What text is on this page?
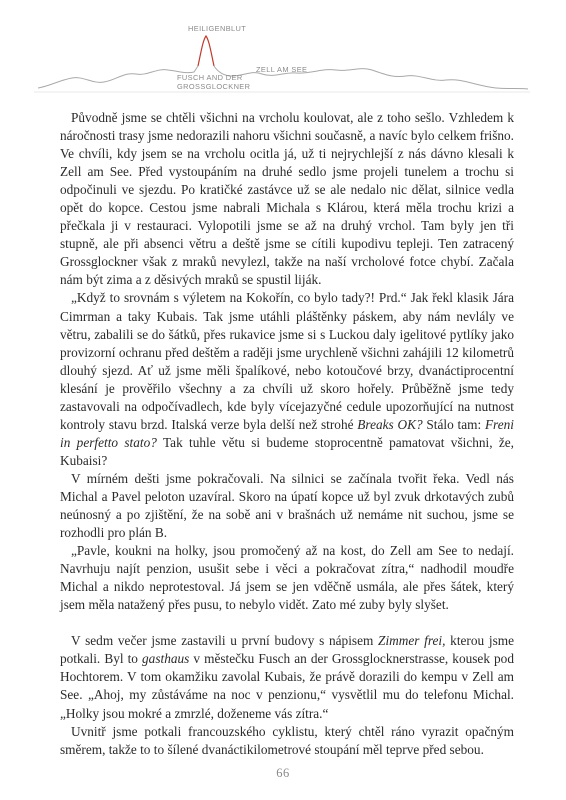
HEILIGENBLUT
FUSCH AND DER
GROSSGLOCKNER
ZELL AM SEE

Původně jsme se chtěli všichni na vrcholu koulovat, ale z toho sešlo. Vzhledem k náročnosti trasy jsme nedorazili nahoru všichni současně, a navíc bylo celkem frišno. Ve chvíli, kdy jsem se na vrcholu ocitla já, už ti nejrychlejší z nás dávno klesali k Zell am See. Před vystoupáním na druhé sedlo jsme projeli tunelem a trochu si odpočinuli ve sjezdu. Po kratičké zastávce už se ale nedalo nic dělat, silnice vedla opět do kopce. Cestou jsme nabrali Michala s Klárou, která měla trochu krizi a přečkala ji v restauraci. Vylopotili jsme se až na druhý vrchol. Tam byly jen tři stupně, ale při absenci větru a deště jsme se cítili kupodivu tepleji. Ten zatracený Grossglockner však z mraků nevylezl, takže na naší vrcholové fotce chybí. Začala nám být zima a z děsivých mraků se spustil liják.

„Když to srovnám s výletem na Kokořín, co bylo tady?! Prd.“ Jak řekl klasik Jára Cimrman a taky Kubais. Tak jsme utáhli pláštěnky páskem, aby nám nevlály ve větru, zabalili se do šátků, přes rukavice jsme si s Luckou daly igelitové pytlíky jako provizorní ochranu před deštěm a raději jsme urychleně všichni zahájili 12 kilometrů dlouhý sjezd. Ať už jsme měli špalíkové, nebo kotoučové brzy, dvanáctiprocentní klesání je prověřilo všechny a za chvíli už skoro hořely. Průběžně jsme tedy zastavovali na odpočívadlech, kde byly vícejazyčné cedule upozorňující na nutnost kontroly stavu brzd. Italská verze byla delší než strohé Breaks OK? Stálo tam: Freni in perfetto stato? Tak tuhle větu si budeme stoprocentně pamatovat všichni, že, Kubaisi?

V mírném dešti jsme pokračovali. Na silnici se začínala tvořit řeka. Vedl nás Michal a Pavel peloton uzavíral. Skoro na úpatí kopce už byl zvuk drkotavých zubů neúnosný a po zjištění, že na sobě ani v brašnách už nemáme nit suchou, jsme se rozhodli pro plán B.

„Pavle, koukni na holky, jsou promočený až na kost, do Zell am See to nedají. Navrhuju najít penzion, usušit sebe i věci a pokračovat zítra,“ nadhodil moudře Michal a nikdo neprotestoval. Já jsem se jen vděčně usmála, ale přes šátek, který jsem měla natažený přes pusu, to nebylo vidět. Zato mé zuby byly slyšet.

V sedm večer jsme zastavili u první budovy s nápisem Zimmer frei, kterou jsme potkali. Byl to gasthaus v městečku Fusch an der Grossglocknerstrasse, kousek pod Hochtorem. V tom okamžiku zavolal Kubais, že právě dorazili do kempu v Zell am See. „Ahoj, my zůstáváme na noc v penzionu,“ vysvětlil mu do telefonu Michal. „Holky jsou mokré a zmrzlé, doženeme vás zítra.“

Uvnitř jsme potkali francouzského cyklistu, který chtěl ráno vyrazit opačným směrem, takže to to šílené dvanáctikilometrové stoupání měl teprve před sebou.

66
